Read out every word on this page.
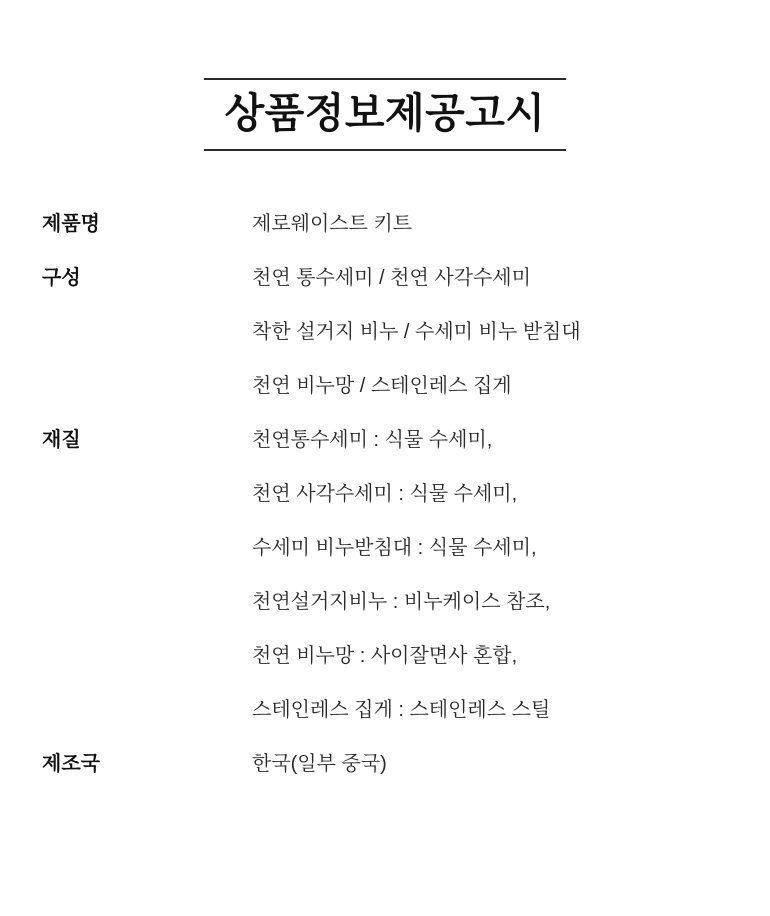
상품정보제공고시
제품명	제로웨이스트 키트
구성	천연 통수세미 / 천연 사각수세미
착한 설거지 비누 / 수세미 비누 받침대
천연 비누망 / 스테인레스 집게
재질	천연통수세미 : 식물 수세미,
천연 사각수세미 : 식물 수세미,
수세미 비누받침대 : 식물 수세미,
천연설거지비누 : 비누케이스 참조,
천연 비누망 : 사이잘면사 혼합,
스테인레스 집게 : 스테인레스 스틸
제조국	한국(일부 중국)
